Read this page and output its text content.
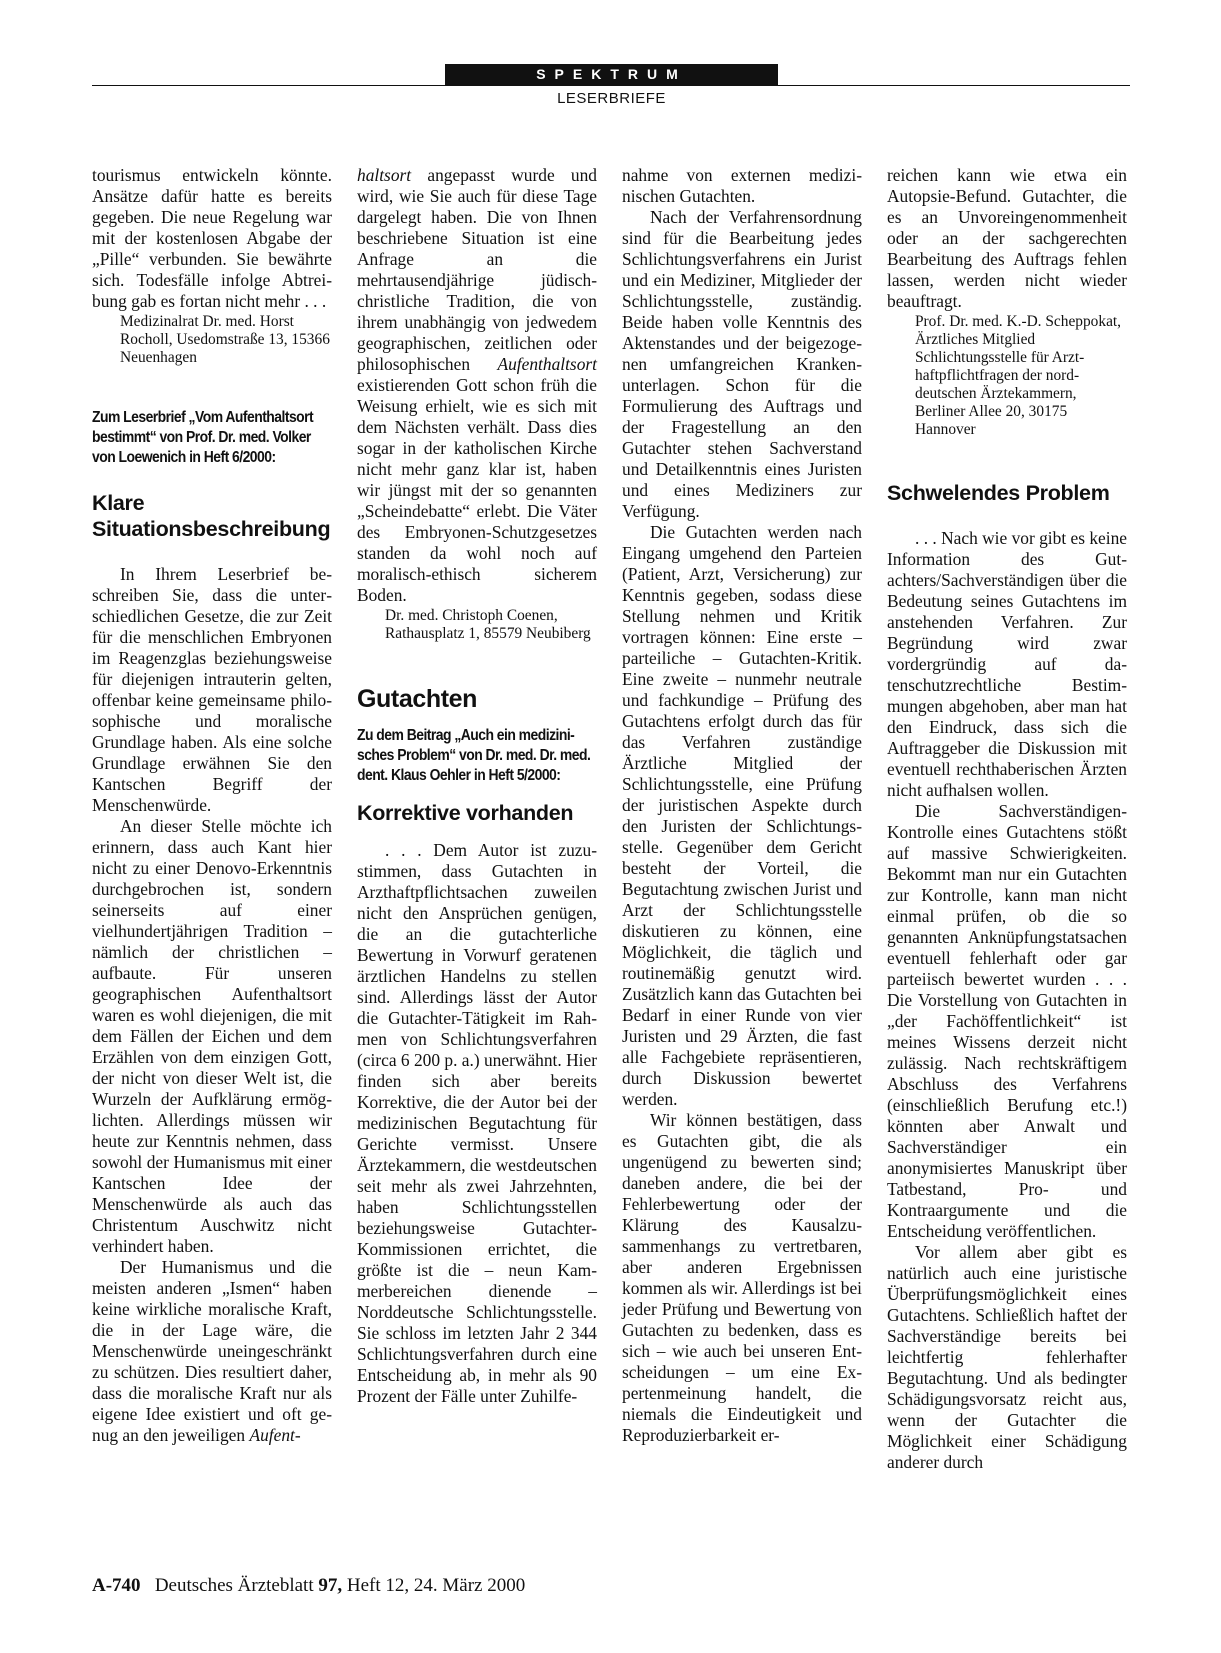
SPEKTRUM
LESERBRIEFE

tourismus entwickeln könnte. Ansätze dafür hatte es bereits gegeben. Die neue Regelung war mit der kostenlosen Abgabe der „Pille“ verbunden. Sie bewährte sich. Todesfälle infolge Abtreibung gab es fortan nicht mehr . . .

Medizinalrat Dr. med. Horst Rocholl, Usedomstraße 13, 15366 Neuenhagen

Zum Leserbrief „Vom Aufenthaltsort bestimmt“ von Prof. Dr. med. Volker von Loewenich in Heft 6/2000:

Klare Situationsbeschreibung

In Ihrem Leserbrief beschreiben Sie, dass die unterschiedlichen Gesetze, die zur Zeit für die menschlichen Embryonen im Reagenzglas beziehungsweise für diejenigen intrauterin gelten, offenbar keine gemeinsame philosophische und moralische Grundlage haben. Als eine solche Grundlage erwähnen Sie den Kantschen Begriff der Menschenwürde.

An dieser Stelle möchte ich erinnern, dass auch Kant hier nicht zu einer Denovo-Erkenntnis durchgebrochen ist, sondern seinerseits auf einer vielhundertjährigen Tradition – nämlich der christlichen – aufbaute. Für unseren geographischen Aufenthaltsort waren es wohl diejenigen, die mit dem Fällen der Eichen und dem Erzählen von dem einzigen Gott, der nicht von dieser Welt ist, die Wurzeln der Aufklärung ermöglichten. Allerdings müssen wir heute zur Kenntnis nehmen, dass sowohl der Humanismus mit einer Kantschen Idee der Menschenwürde als auch das Christentum Auschwitz nicht verhindert haben.

Der Humanismus und die meisten anderen „Ismen“ haben keine wirkliche moralische Kraft, die in der Lage wäre, die Menschenwürde uneingeschränkt zu schützen. Dies resultiert daher, dass die moralische Kraft nur als eigene Idee existiert und oft genug an den jeweiligen Aufent-

haltsort angepasst wurde und wird, wie Sie auch für diese Tage dargelegt haben. Die von Ihnen beschriebene Situation ist eine Anfrage an die mehrtausendjährige jüdisch-christliche Tradition, die von ihrem unabhängig von jedwedem geographischen, zeitlichen oder philosophischen Aufenthaltsort existierenden Gott schon früh die Weisung erhielt, wie es sich mit dem Nächsten verhält. Dass dies sogar in der katholischen Kirche nicht mehr ganz klar ist, haben wir jüngst mit der so genannten „Scheindebatte“ erlebt. Die Väter des Embryonen-Schutzgesetzes standen da wohl noch auf moralisch-ethisch sicherem Boden.

Dr. med. Christoph Coenen, Rathausplatz 1, 85579 Neubiberg

Gutachten

Zu dem Beitrag „Auch ein medizinisches Problem“ von Dr. med. Dr. med. dent. Klaus Oehler in Heft 5/2000:

Korrektive vorhanden

. . . Dem Autor ist zuzustimmen, dass Gutachten in Arzthaftpflichtsachen zuweilen nicht den Ansprüchen genügen, die an die gutachterliche Bewertung in Vorwurf geratenen ärztlichen Handelns zu stellen sind. Allerdings lässt der Autor die Gutachter-Tätigkeit im Rahmen von Schlichtungsverfahren (circa 6 200 p. a.) unerwähnt. Hier finden sich aber bereits Korrektive, die der Autor bei der medizinischen Begutachtung für Gerichte vermisst. Unsere Ärztekammern, die westdeutschen seit mehr als zwei Jahrzehnten, haben Schlichtungsstellen beziehungsweise Gutachter-Kommissionen errichtet, die größte ist die – neun Kammerbereichen dienende – Norddeutsche Schlichtungsstelle. Sie schloss im letzten Jahr 2 344 Schlichtungsverfahren durch eine Entscheidung ab, in mehr als 90 Prozent der Fälle unter Zuhilfe-

nahme von externen medizinischen Gutachten.

Nach der Verfahrensordnung sind für die Bearbeitung jedes Schlichtungsverfahrens ein Jurist und ein Mediziner, Mitglieder der Schlichtungsstelle, zuständig. Beide haben volle Kenntnis des Aktenstandes und der beigezogenen umfangreichen Krankenunterlagen. Schon für die Formulierung des Auftrags und der Fragestellung an den Gutachter stehen Sachverstand und Detailkenntnis eines Juristen und eines Mediziners zur Verfügung.

Die Gutachten werden nach Eingang umgehend den Parteien (Patient, Arzt, Versicherung) zur Kenntnis gegeben, sodass diese Stellung nehmen und Kritik vortragen können: Eine erste – parteiliche – Gutachten-Kritik. Eine zweite – nunmehr neutrale und fachkundige – Prüfung des Gutachtens erfolgt durch das für das Verfahren zuständige Ärztliche Mitglied der Schlichtungsstelle, eine Prüfung der juristischen Aspekte durch den Juristen der Schlichtungsstelle. Gegenüber dem Gericht besteht der Vorteil, die Begutachtung zwischen Jurist und Arzt der Schlichtungsstelle diskutieren zu können, eine Möglichkeit, die täglich und routinemäßig genutzt wird. Zusätzlich kann das Gutachten bei Bedarf in einer Runde von vier Juristen und 29 Ärzten, die fast alle Fachgebiete repräsentieren, durch Diskussion bewertet werden.

Wir können bestätigen, dass es Gutachten gibt, die als ungenügend zu bewerten sind; daneben andere, die bei der Fehlerbewertung oder der Klärung des Kausalzusammenhangs zu vertretbaren, aber anderen Ergebnissen kommen als wir. Allerdings ist bei jeder Prüfung und Bewertung von Gutachten zu bedenken, dass es sich – wie auch bei unseren Entscheidungen – um eine Expertenmeinung handelt, die niemals die Eindeutigkeit und Reproduzierbarkeit er-

reichen kann wie etwa ein Autopsie-Befund. Gutachter, die es an Unvoreingenommenheit oder an der sachgerechten Bearbeitung des Auftrags fehlen lassen, werden nicht wieder beauftragt.

Prof. Dr. med. K.-D. Scheppokat, Ärztliches Mitglied Schlichtungsstelle für Arzthaftpflichtfragen der norddeutschen Ärztekammern, Berliner Allee 20, 30175 Hannover

Schwelendes Problem

. . . Nach wie vor gibt es keine Information des Gutachters/Sachverständigen über die Bedeutung seines Gutachtens im anstehenden Verfahren. Zur Begründung wird zwar vordergründig auf datenschutzrechtliche Bestimmungen abgehoben, aber man hat den Eindruck, dass sich die Auftraggeber die Diskussion mit eventuell rechthaberischen Ärzten nicht aufhalsen wollen.

Die Sachverständigen-Kontrolle eines Gutachtens stößt auf massive Schwierigkeiten. Bekommt man nur ein Gutachten zur Kontrolle, kann man nicht einmal prüfen, ob die so genannten Anknüpfungstatsachen eventuell fehlerhaft oder gar parteiisch bewertet wurden . . . Die Vorstellung von Gutachten in „der Fachöffentlichkeit“ ist meines Wissens derzeit nicht zulässig. Nach rechtskräftigem Abschluss des Verfahrens (einschließlich Berufung etc.!) könnten aber Anwalt und Sachverständiger ein anonymisiertes Manuskript über Tatbestand, Pro- und Kontraargumente und die Entscheidung veröffentlichen.

Vor allem aber gibt es natürlich auch eine juristische Überprüfungsmöglichkeit eines Gutachtens. Schließlich haftet der Sachverständige bereits bei leichtfertig fehlerhafter Begutachtung. Und als bedingter Schädigungsvorsatz reicht aus, wenn der Gutachter die Möglichkeit einer Schädigung anderer durch

A-740 Deutsches Ärzteblatt 97, Heft 12, 24. März 2000
